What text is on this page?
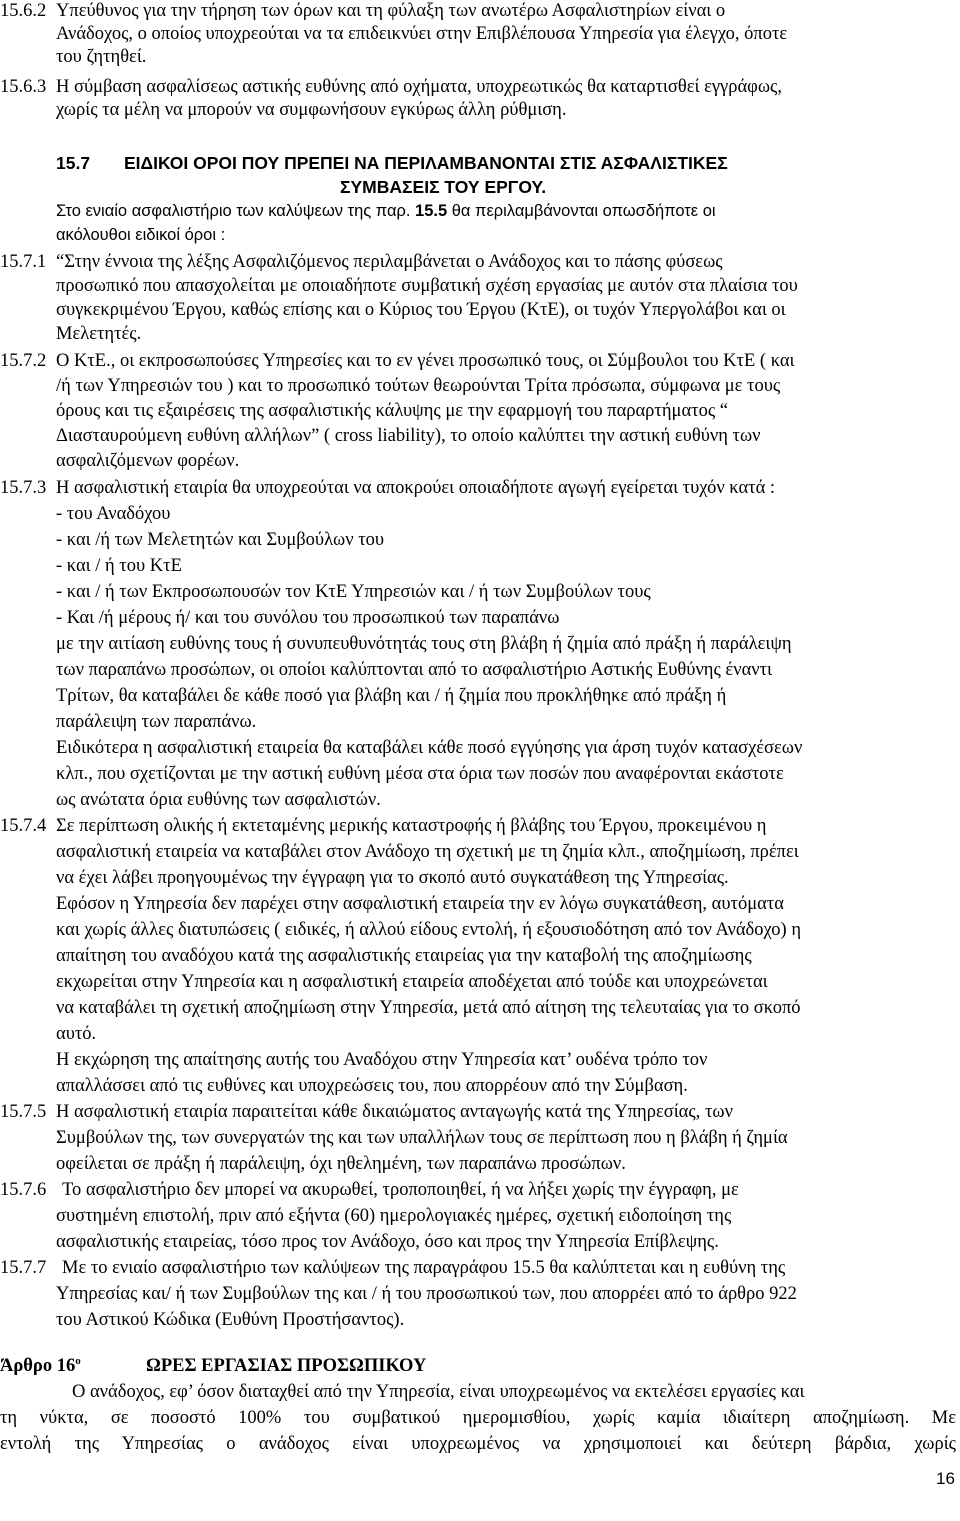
15.6.2 Υπεύθυνος για την τήρηση των όρων και τη φύλαξη των ανωτέρω Ασφαλιστηρίων είναι ο
Ανάδοχος, ο οποίος υποχρεούται να τα επιδεικνύει στην Επιβλέπουσα Υπηρεσία για έλεγχο, όποτε
του ζητηθεί.
15.6.3 Η σύμβαση ασφαλίσεως αστικής ευθύνης από οχήματα, υποχρεωτικώς θα καταρτισθεί εγγράφως,
χωρίς τα μέλη να μπορούν να συμφωνήσουν εγκύρως άλλη ρύθμιση.
15.7 ΕΙΔΙΚΟΙ ΟΡΟΙ ΠΟΥ ΠΡΕΠΕΙ ΝΑ ΠΕΡΙΛΑΜΒΑΝΟΝΤΑΙ ΣΤΙΣ ΑΣΦΑΛΙΣΤΙΚΕΣ
ΣΥΜΒΑΣΕΙΣ ΤΟΥ ΕΡΓΟΥ.
Στο ενιαίο ασφαλιστήριο των καλύψεων της παρ. 15.5 θα περιλαμβάνονται οπωσδήποτε οι
ακόλουθοι ειδικοί όροι :
15.7.1 “Στην έννοια της λέξης Ασφαλιζόμενος περιλαμβάνεται ο Ανάδοχος και το πάσης φύσεως
προσωπικό που απασχολείται με οποιαδήποτε συμβατική σχέση εργασίας με αυτόν στα πλαίσια του
συγκεκριμένου Έργου, καθώς επίσης και ο Κύριος του Έργου (ΚτΕ), οι τυχόν Υπεργολάβοι και οι
Μελετητές.
15.7.2 Ο ΚτΕ., οι εκπροσωπούσες Υπηρεσίες και το εν γένει προσωπικό τους, οι Σύμβουλοι του ΚτΕ ( και
/ή των Υπηρεσιών του ) και το προσωπικό τούτων θεωρούνται Τρίτα πρόσωπα, σύμφωνα με τους
όρους και τις εξαιρέσεις της ασφαλιστικής κάλυψης με την εφαρμογή του παραρτήματος “
Διασταυρούμενη ευθύνη αλλήλων” ( cross liability), το οποίο καλύπτει την αστική ευθύνη των
ασφαλιζόμενων φορέων.
15.7.3 Η ασφαλιστική εταιρία θα υποχρεούται να αποκρούει οποιαδήποτε αγωγή εγείρεται τυχόν κατά :
- του Αναδόχου
- και /ή των Μελετητών και Συμβούλων του
- και / ή του ΚτΕ
- και / ή των Εκπροσωπουσών τον ΚτΕ Υπηρεσιών και / ή των Συμβούλων τους
- Και /ή μέρους ή/ και του συνόλου του προσωπικού των παραπάνω
με την αιτίαση ευθύνης τους ή συνυπευθυνότητάς τους στη βλάβη ή ζημία από πράξη ή παράλειψη
των παραπάνω προσώπων, οι οποίοι καλύπτονται από το ασφαλιστήριο Αστικής Ευθύνης έναντι
Τρίτων, θα καταβάλει δε κάθε ποσό για βλάβη και / ή ζημία που προκλήθηκε από πράξη ή
παράλειψη των παραπάνω.
Ειδικότερα η ασφαλιστική εταιρεία θα καταβάλει κάθε ποσό εγγύησης για άρση τυχόν κατασχέσεων
κλπ., που σχετίζονται με την αστική ευθύνη μέσα στα όρια των ποσών που αναφέρονται εκάστοτε
ως ανώτατα όρια ευθύνης των ασφαλιστών.
15.7.4 Σε περίπτωση ολικής ή εκτεταμένης μερικής καταστροφής ή βλάβης του Έργου, προκειμένου η
ασφαλιστική εταιρεία να καταβάλει στον Ανάδοχο τη σχετική με τη ζημία κλπ., αποζημίωση, πρέπει
να έχει λάβει προηγουμένως την έγγραφη για το σκοπό αυτό συγκατάθεση της Υπηρεσίας.
Εφόσον η Υπηρεσία δεν παρέχει στην ασφαλιστική εταιρεία την εν λόγω συγκατάθεση, αυτόματα
και χωρίς άλλες διατυπώσεις ( ειδικές, ή αλλού είδους εντολή, ή εξουσιοδότηση από τον Ανάδοχο) η
απαίτηση του αναδόχου κατά της ασφαλιστικής εταιρείας για την καταβολή της αποζημίωσης
εκχωρείται στην Υπηρεσία και η ασφαλιστική εταιρεία αποδέχεται από τούδε και υποχρεώνεται
να καταβάλει τη σχετική αποζημίωση στην Υπηρεσία, μετά από αίτηση της τελευταίας για το σκοπό
αυτό.
Η εκχώρηση της απαίτησης αυτής του Αναδόχου στην Υπηρεσία κατ’ ουδένα τρόπο τον
απαλλάσσει από τις ευθύνες και υποχρεώσεις του, που απορρέουν από την Σύμβαση.
15.7.5 Η ασφαλιστική εταιρία παραιτείται κάθε δικαιώματος ανταγωγής κατά της Υπηρεσίας, των
Συμβούλων της, των συνεργατών της και των υπαλλήλων τους σε περίπτωση που η βλάβη ή ζημία
οφείλεται σε πράξη ή παράλειψη, όχι ηθελημένη, των παραπάνω προσώπων.
15.7.6 Το ασφαλιστήριο δεν μπορεί να ακυρωθεί, τροποποιηθεί, ή να λήξει χωρίς την έγγραφη, με
συστημένη επιστολή, πριν από εξήντα (60) ημερολογιακές ημέρες, σχετική ειδοποίηση της
ασφαλιστικής εταιρείας, τόσο προς τον Ανάδοχο, όσο και προς την Υπηρεσία Επίβλεψης.
15.7.7 Με το ενιαίο ασφαλιστήριο των καλύψεων της παραγράφου 15.5 θα καλύπτεται και η ευθύνη της
Υπηρεσίας και/ ή των Συμβούλων της και / ή του προσωπικού των, που απορρέει από το άρθρο 922
του Αστικού Κώδικα (Ευθύνη Προστήσαντος).
Άρθρο $16^o$	ΩΡΕΣ ΕΡΓΑΣΙΑΣ ΠΡΟΣΩΠΙΚΟΥ
Ο ανάδοχος, εφ’ όσον διαταχθεί από την Υπηρεσία, είναι υποχρεωμένος να εκτελέσει εργασίες και
τη νύκτα, σε ποσοστό 100% του συμβατικού ημερομισθίου, χωρίς καμία ιδιαίτερη αποζημίωση. Με
εντολή της Υπηρεσίας ο ανάδοχος είναι υποχρεωμένος να χρησιμοποιεί και δεύτερη βάρδια, χωρίς
16
